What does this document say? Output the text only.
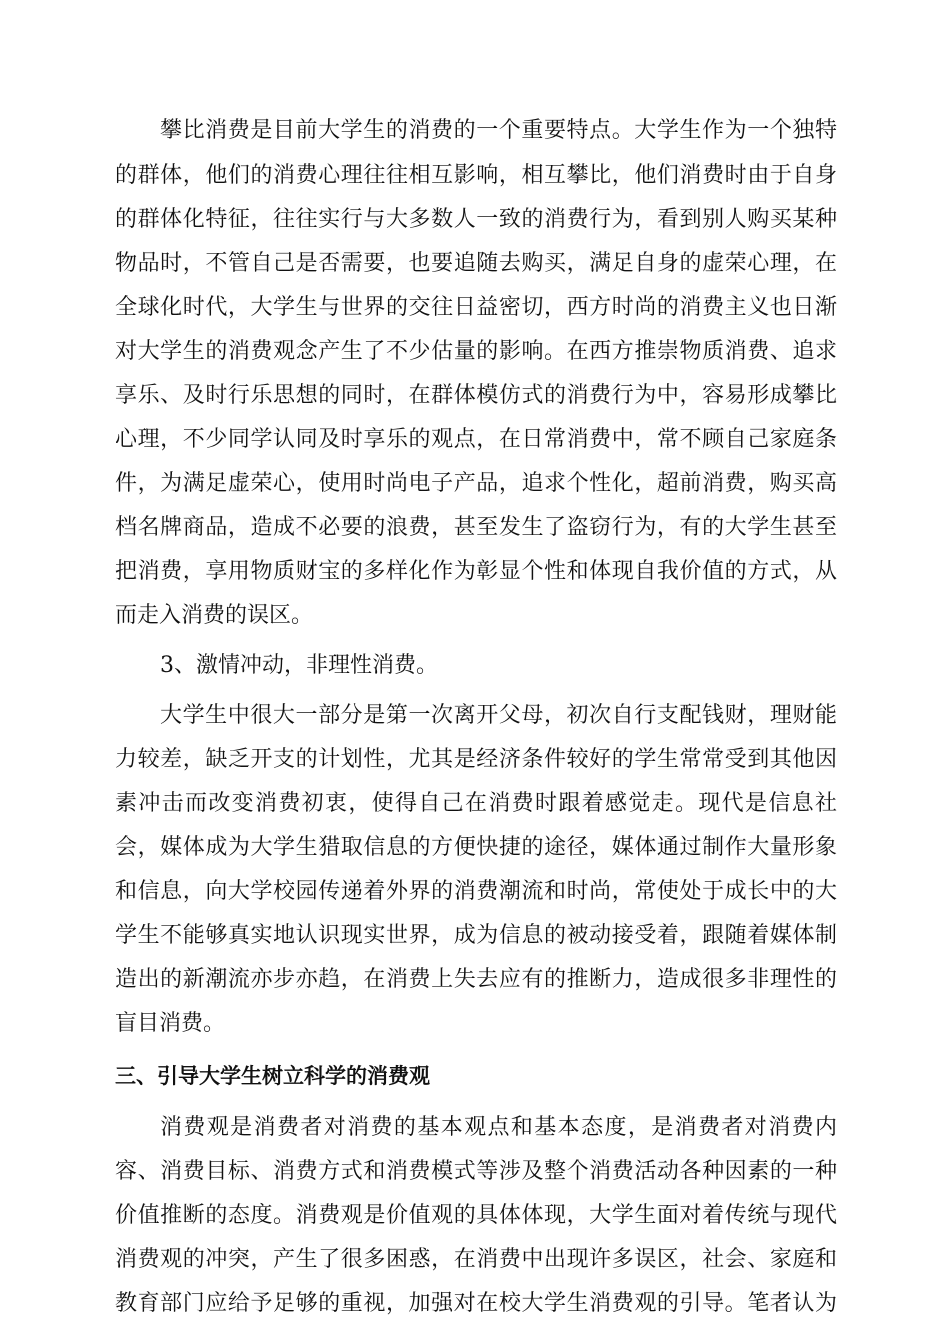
攀比消费是目前大学生的消费的一个重要特点。大学生作为一个独特
的群体，他们的消费心理往往相互影响，相互攀比，他们消费时由于自身
的群体化特征，往往实行与大多数人一致的消费行为，看到别人购买某种
物品时，不管自己是否需要，也要追随去购买，满足自身的虚荣心理，在
全球化时代，大学生与世界的交往日益密切，西方时尚的消费主义也日渐
对大学生的消费观念产生了不少估量的影响。在西方推崇物质消费、追求
享乐、及时行乐思想的同时，在群体模仿式的消费行为中，容易形成攀比
心理，不少同学认同及时享乐的观点，在日常消费中，常不顾自己家庭条
件，为满足虚荣心，使用时尚电子产品，追求个性化，超前消费，购买高
档名牌商品，造成不必要的浪费，甚至发生了盗窃行为，有的大学生甚至
把消费，享用物质财宝的多样化作为彰显个性和体现自我价值的方式，从
而走入消费的误区。
3、激情冲动，非理性消费。
大学生中很大一部分是第一次离开父母，初次自行支配钱财，理财能
力较差，缺乏开支的计划性，尤其是经济条件较好的学生常常受到其他因
素冲击而改变消费初衷，使得自己在消费时跟着感觉走。现代是信息社
会，媒体成为大学生猎取信息的方便快捷的途径，媒体通过制作大量形象
和信息，向大学校园传递着外界的消费潮流和时尚，常使处于成长中的大
学生不能够真实地认识现实世界，成为信息的被动接受着，跟随着媒体制
造出的新潮流亦步亦趋，在消费上失去应有的推断力，造成很多非理性的
盲目消费。
三、引导大学生树立科学的消费观
消费观是消费者对消费的基本观点和基本态度，是消费者对消费内
容、消费目标、消费方式和消费模式等涉及整个消费活动各种因素的一种
价值推断的态度。消费观是价值观的具体体现，大学生面对着传统与现代
消费观的冲突，产生了很多困惑，在消费中出现许多误区，社会、家庭和
教育部门应给予足够的重视，加强对在校大学生消费观的引导。笔者认为
